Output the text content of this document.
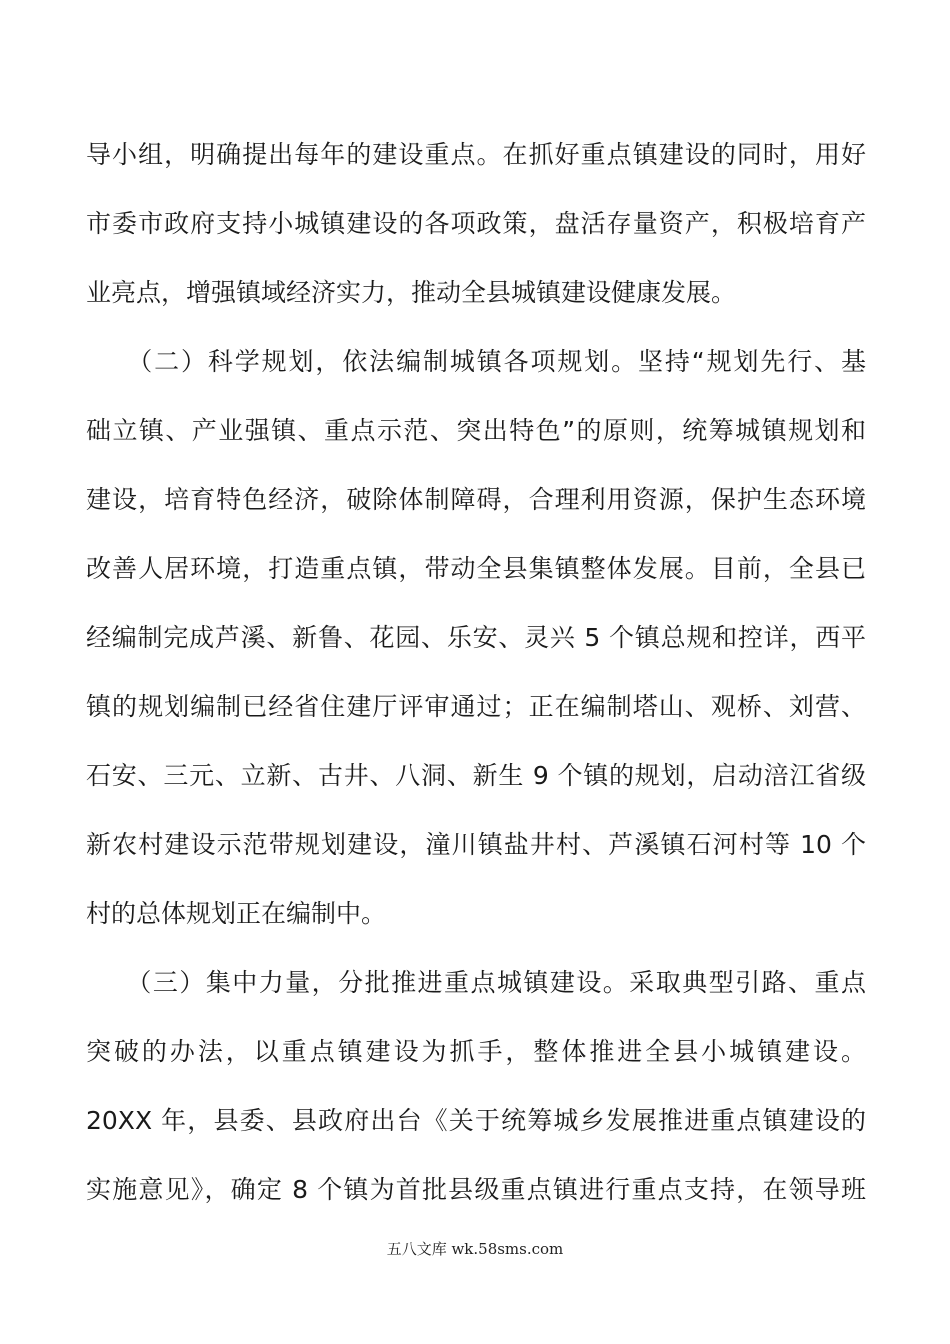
导小组，明确提出每年的建设重点。在抓好重点镇建设的同时，用好
市委市政府支持小城镇建设的各项政策，盘活存量资产，积极培育产
业亮点，增强镇域经济实力，推动全县城镇建设健康发展。
　　（二）科学规划，依法编制城镇各项规划。坚持“规划先行、基
础立镇、产业强镇、重点示范、突出特色”的原则，统筹城镇规划和
建设，培育特色经济，破除体制障碍，合理利用资源，保护生态环境
改善人居环境，打造重点镇，带动全县集镇整体发展。目前，全县已
经编制完成芦溪、新鲁、花园、乐安、灵兴 5 个镇总规和控详，西平
镇的规划编制已经省住建厅评审通过；正在编制塔山、观桥、刘营、
石安、三元、立新、古井、八洞、新生 9 个镇的规划，启动涪江省级
新农村建设示范带规划建设，潼川镇盐井村、芦溪镇石河村等 10 个
村的总体规划正在编制中。
　　（三）集中力量，分批推进重点城镇建设。采取典型引路、重点
突破的办法，以重点镇建设为抓手，整体推进全县小城镇建设。
20XX 年，县委、县政府出台《关于统筹城乡发展推进重点镇建设的
实施意见》，确定 8 个镇为首批县级重点镇进行重点支持，在领导班
五八文库 wk.58sms.com
